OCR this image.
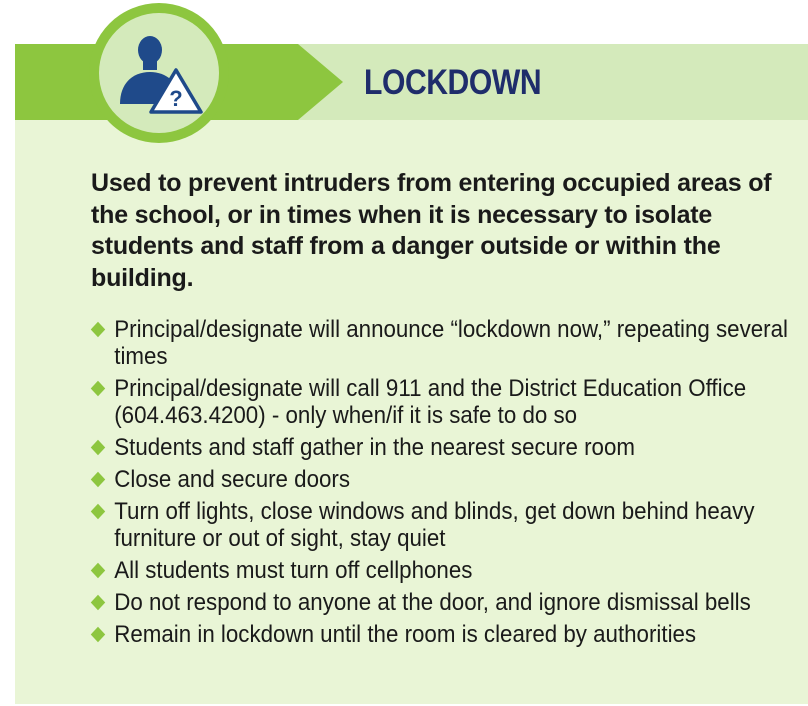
?	LOCKDOWN

Used to prevent intruders from entering occupied areas of the school, or in times when it is necessary to isolate students and staff from a danger outside or within the building.

Principal/designate will announce “lockdown now,” repeating several times
Principal/designate will call 911 and the District Education Office (604.463.4200) - only when/if it is safe to do so
Students and staff gather in the nearest secure room
Close and secure doors
Turn off lights, close windows and blinds, get down behind heavy furniture or out of sight, stay quiet
All students must turn off cellphones
Do not respond to anyone at the door, and ignore dismissal bells
Remain in lockdown until the room is cleared by authorities
